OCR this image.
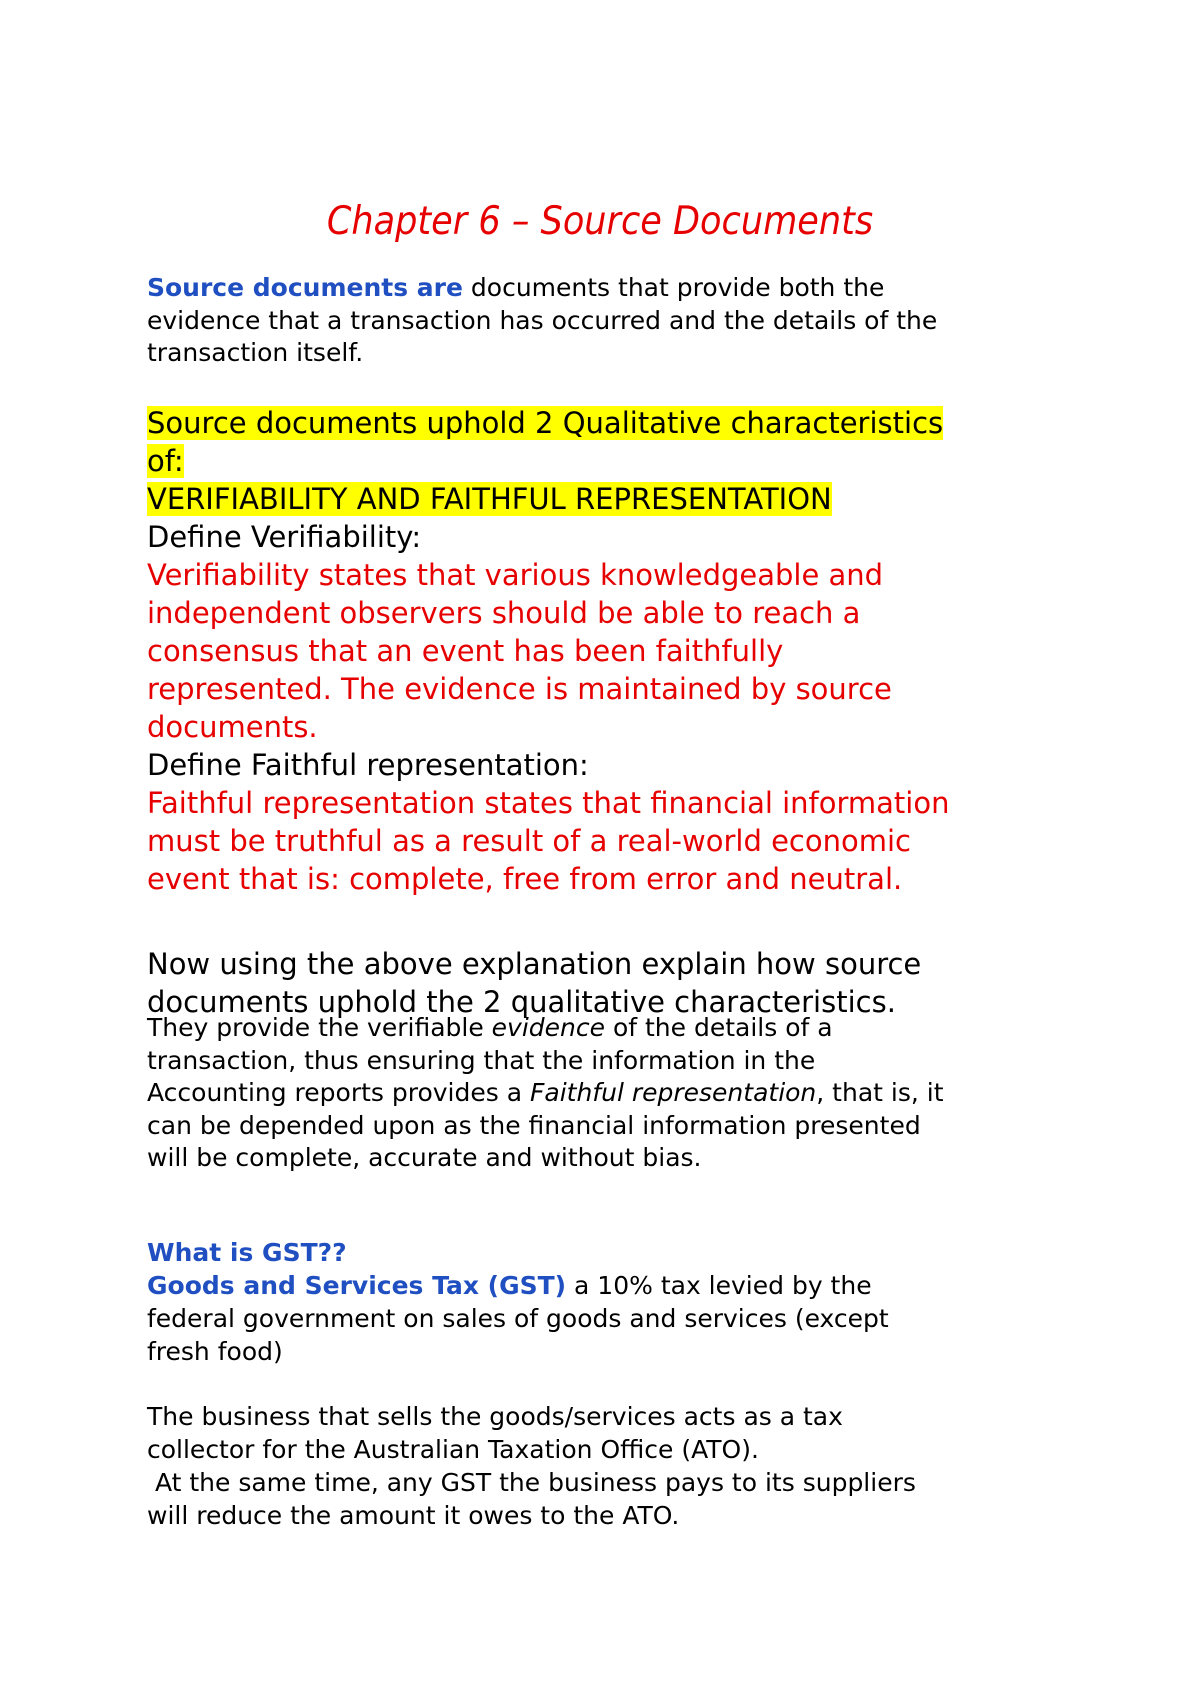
Chapter 6 – Source Documents

Source documents are documents that provide both the
evidence that a transaction has occurred and the details of the
transaction itself.

Source documents uphold 2 Qualitative characteristics
of:
VERIFIABILITY AND FAITHFUL REPRESENTATION
Define Verifiability:
Verifiability states that various knowledgeable and
independent observers should be able to reach a
consensus that an event has been faithfully
represented. The evidence is maintained by source
documents.
Define Faithful representation:
Faithful representation states that financial information
must be truthful as a result of a real-world economic
event that is: complete, free from error and neutral.
Now using the above explanation explain how source
documents uphold the 2 qualitative characteristics.
They provide the verifiable evidence of the details of a
transaction, thus ensuring that the information in the
Accounting reports provides a Faithful representation, that is, it
can be depended upon as the financial information presented
will be complete, accurate and without bias.
What is GST??
Goods and Services Tax (GST) a 10% tax levied by the
federal government on sales of goods and services (except
fresh food)
The business that sells the goods/services acts as a tax
collector for the Australian Taxation Office (ATO).
At the same time, any GST the business pays to its suppliers
will reduce the amount it owes to the ATO.
